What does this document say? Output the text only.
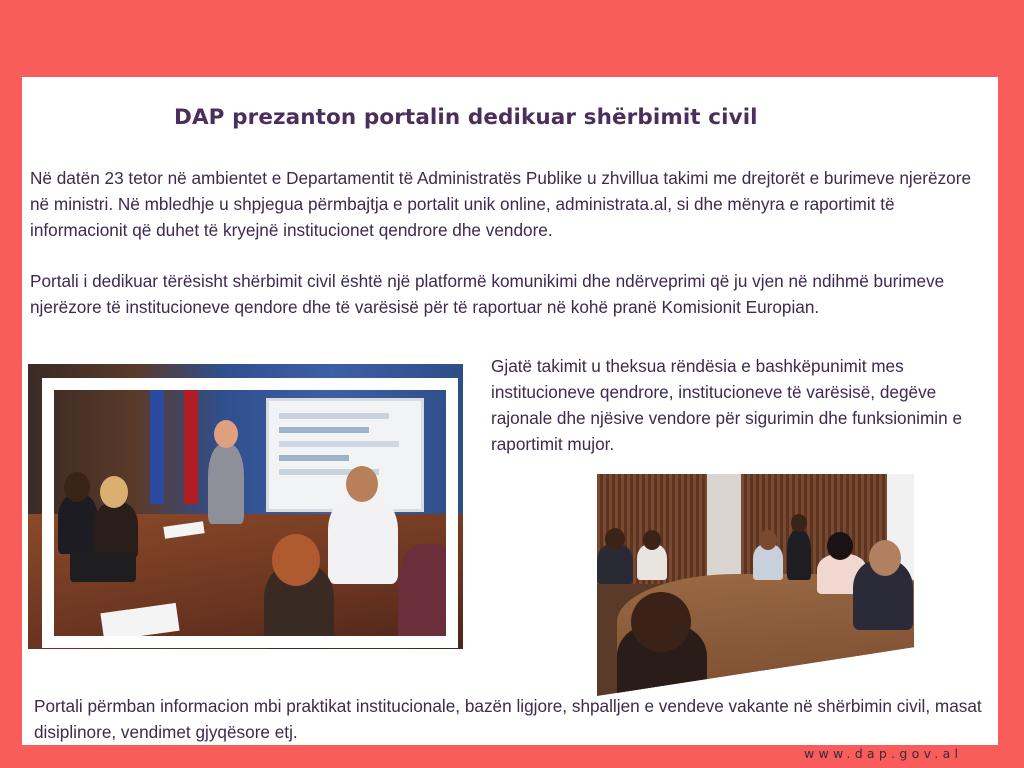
DAP prezanton portalin dedikuar shërbimit civil

Në datën 23 tetor në ambientet e Departamentit të Administratës Publike u zhvillua takimi me drejtorët e burimeve njerëzore në ministri. Në mbledhje u shpjegua përmbajtja e portalit unik online, administrata.al, si dhe mënyra e raportimit të informacionit që duhet të kryejnë institucionet qendrore dhe vendore.

Portali i dedikuar tërësisht shërbimit civil është një platformë komunikimi dhe ndërveprimi që ju vjen në ndihmë burimeve njerëzore të institucioneve qendore dhe të varësisë për të raportuar në kohë pranë Komisionit Europian.

Gjatë takimit u theksua rëndësia e bashkëpunimit mes institucioneve qendrore, institucioneve të varësisë, degëve rajonale dhe njësive vendore për sigurimin dhe funksionimin e raportimit mujor.

Portali përmban informacion mbi praktikat institucionale, bazën ligjore, shpalljen e vendeve vakante në shërbimin civil, masat disiplinore, vendimet gjyqësore etj.

www.dap.gov.al
